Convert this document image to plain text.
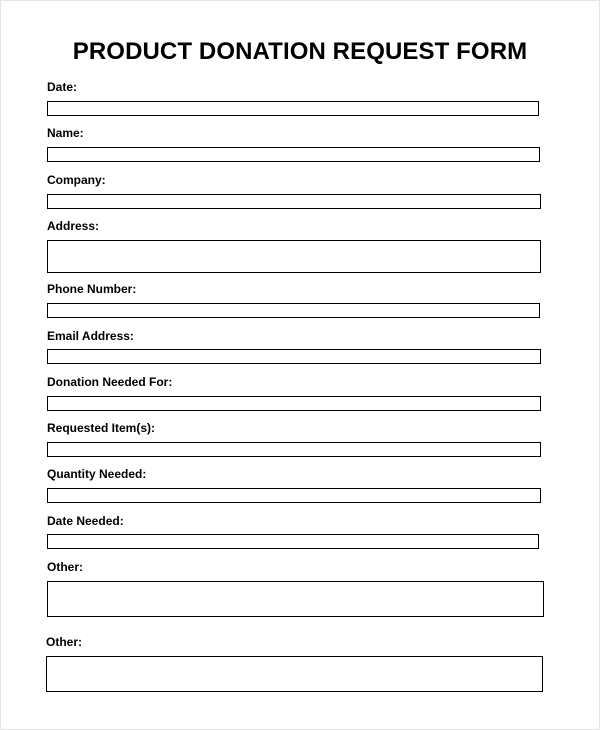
PRODUCT DONATION REQUEST FORM
Date:
Name:
Company:
Address:
Phone Number:
Email Address:
Donation Needed For:
Requested Item(s):
Quantity Needed:
Date Needed:
Other:
Other:
